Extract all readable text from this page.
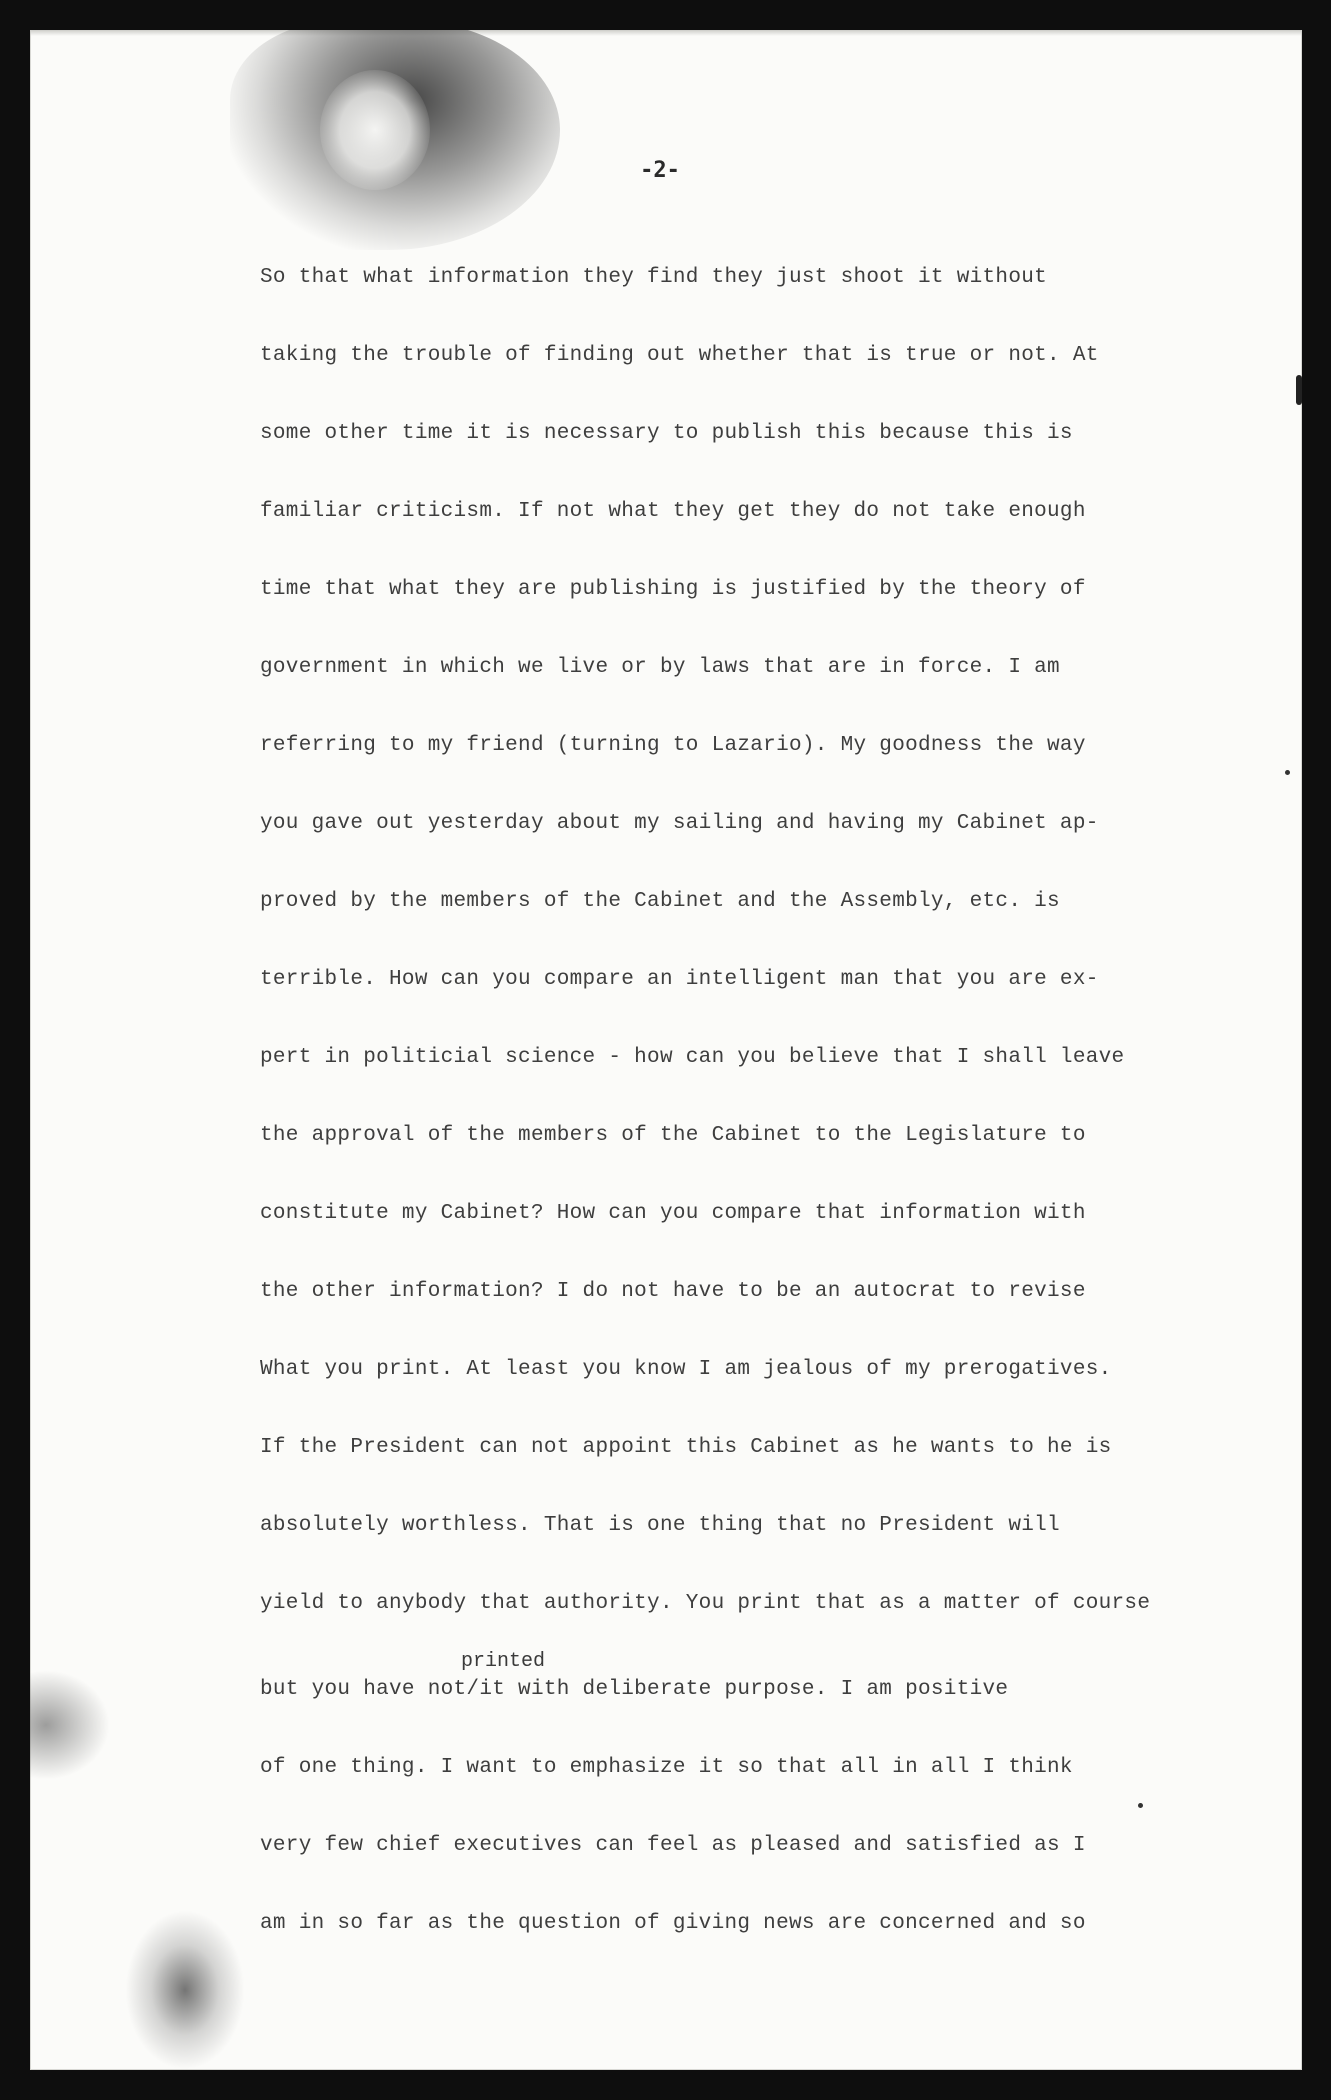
-2-
So that what information they find they just shoot it without
taking the trouble of finding out whether that is true or not. At
some other time it is necessary to publish this because this is
familiar criticism. If not what they get they do not take enough
time that what they are publishing is justified by the theory of
government in which we live or by laws that are in force. I am
referring to my friend (turning to Lazario). My goodness the way
you gave out yesterday about my sailing and having my Cabinet ap-
proved by the members of the Cabinet and the Assembly, etc. is
terrible. How can you compare an intelligent man that you are ex-
pert in politicial science - how can you believe that I shall leave
the approval of the members of the Cabinet to the Legislature to
constitute my Cabinet? How can you compare that information with
the other information? I do not have to be an autocrat to revise
What you print. At least you know I am jealous of my prerogatives.
If the President can not appoint this Cabinet as he wants to he is
absolutely worthless. That is one thing that no President will
yield to anybody that authority. You print that as a matter of course
printed
but you have not/it with deliberate purpose. I am positive
of one thing. I want to emphasize it so that all in all I think
very few chief executives can feel as pleased and satisfied as I
am in so far as the question of giving news are concerned and so
